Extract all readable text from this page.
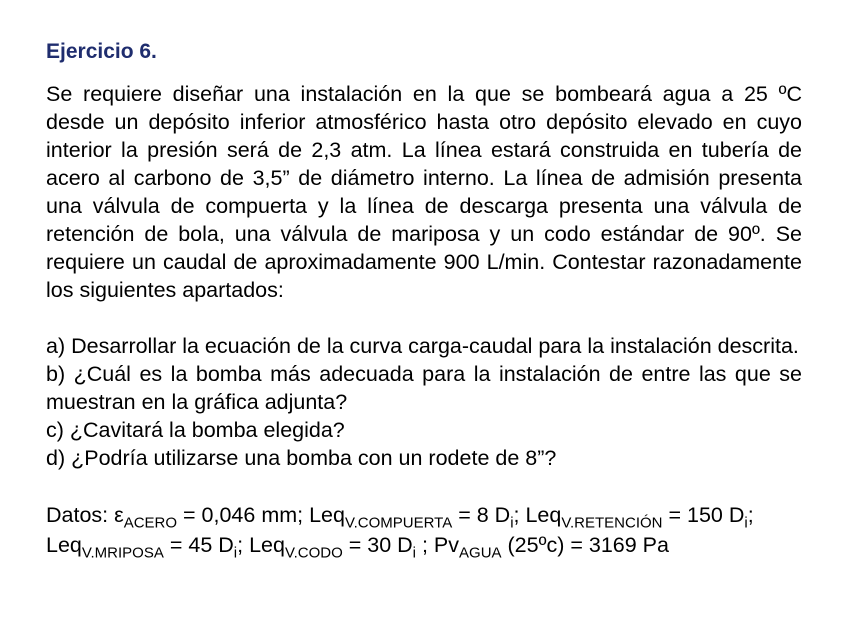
Ejercicio 6.

Se requiere diseñar una instalación en la que se bombeará agua a 25 ºC desde un depósito inferior atmosférico hasta otro depósito elevado en cuyo interior la presión será de 2,3 atm. La línea estará construida en tubería de acero al carbono de 3,5” de diámetro interno. La línea de admisión presenta una válvula de compuerta y la línea de descarga presenta una válvula de retención de bola, una válvula de mariposa y un codo estándar de 90º. Se requiere un caudal de aproximadamente 900 L/min. Contestar razonadamente los siguientes apartados:

a) Desarrollar la ecuación de la curva carga-caudal para la instalación descrita.

b) ¿Cuál es la bomba más adecuada para la instalación de entre las que se muestran en la gráfica adjunta?

c) ¿Cavitará la bomba elegida?

d) ¿Podría utilizarse una bomba con un rodete de 8”?

Datos: $\varepsilon_{ACERO} = 0,046$ mm; Leq$_{V.COMPUERTA}$ = 8 $D_i$; Leq$_{V.RETENCIÓN}$ = 150 $D_i$; Leq$_{V.MRIPOSA}$ = 45 $D_i$; Leq$_{V.CODO}$ = 30 $D_i$ ; $Pv_{AGUA}$ (25ºc) = 3169 Pa
